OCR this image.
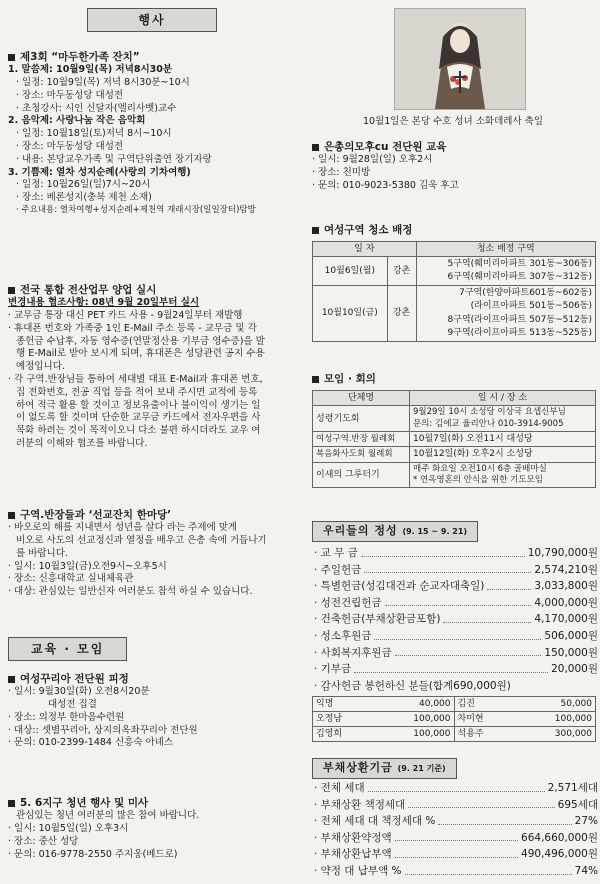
행사
제3회 “마두한가족 잔치”
1. 말씀제: 10월9일(목) 저녁8시30분
· 일정: 10월9일(목) 저녁 8시30분~10시
· 장소: 마두동성당 대성전
· 초청강사: 시인 신달자(엘리사벳)교수
2. 음악제: 사랑나눔 작은 음악회
· 일정: 10월18일(토)저녁 8시~10시
· 장소: 마두동성당 대성전
· 내용: 본당교우가족 및 구역단위출연 장기자랑
3. 기쁨제: 열차 성지순례(사랑의 기차여행)
· 일정: 10월26일(일)7시~20시
· 장소: 베론성지(충북 제천 소재)
· 주요내용: 열차여행+성지순례+제천역 재래시장(일일장터)탐방
전국 통합 전산업무 양업 실시
변경내용 협조사항: 08년 9월 20일부터 실시
· 교무금 통장 대신 PET 카드 사용 - 9월24일부터 재발행
· 휴대폰 번호와 가족중 1인 E-Mail 주소 등록 - 교무금 및 각
종헌금 수납후, 자동 영수증(연말정산용 기부금 영수증)을 발
행 E-Mail로 받아 보시게 되며, 휴대폰은 성당관련 공지 수용
예정입니다.
· 각 구역.반장님들 통하여 세대별 대표 E-Mail과 휴대폰 번호,
집 전화번호, 전공 직업 등을 적어 보내 주시면 교적에 등록
하여 적극 활용 할 것이고 정보유출이나 불이익이 생기는 일
이 없도록 할 것이며 단순한 교무금 카드에서 전자우편을 사
목화 하려는 것이 목적이오니 다소 불편 하시더라도 교우 여
러분의 이해와 협조를 바랍니다.
구역.반장들과 ‘선교잔치 한마당’
· 바오로의 해를 지내면서 성년을 살다 라는 주제에 맞게
비오로 사도의 선교정신과 열정을 배우고 은총 속에 거듭나기
를 바랍니다.
· 일시: 10월3일(금)오전9시~오후5시
· 장소: 신흥대학교 실내체육관
· 대상: 관심있는 일반신자 여러분도 참석 하실 수 있습니다.
교육 · 모임
여성꾸리아 전단원 피정
· 일시: 9월30일(화) 오전8시20분
대성전 집결
· 장소: 의정부 한마음수련원
· 대상:: 셋별꾸리아, 상지의옥좌꾸리아 전단원
· 문의: 010-2399-1484 신흥숙 아녜스
5. 6지구 청년 행사 및 미사
관심있는 청년 여러분의 많은 참여 바랍니다.
· 일시: 10월5일(일) 오후3시
· 장소: 중산 성당
· 문의: 016-9778-2550 주지웅(베드로)
10월1일은 본당 수호 성녀 소화데레사 축일
은총의모후cu 전단원 교육
· 일시: 9월28일(일) 오후2시
· 장소: 친미방
· 문의: 010-9023-5380 김욱 후고
여성구역 청소 배정
일 자		청소 배정 구역
10월6일(월)	강촌	5구역(훼미리아파트 301동~306동)
6구역(훼미리아파트 307동~312동)

10월10일(금)	강촌	7구역(한양아파트601동~602동)
(라이프아파트 501동~506동)
8구역(라이프아파트 507동~512동)
9구역(라이프아파트 513동~525동)
모임 · 회의
단체명	일 시 / 장 소
성령기도회	9월29일 10시 소성당 이상국 요셉신부님
문의: 김에교 율리안나 010-3914-9005

여성구역.반장 월례회	10월7일(화) 오전11시 대성당
복음화사도회 월례회	10월12일(화) 오후2시 소성당
이새의 그루터기	매주 화요일 오전10시 6층 골배마실
* 연옥영혼의 안식을 위한 기도모임
우리들의 정성 (9. 15 ~ 9. 21)
· 교 무 금	10,790,000원
· 주일헌금	2,574,210원
· 특별헌금(성김대건과 순교자대축일)	3,033,800원
· 성전건립헌금	4,000,000원
· 건축헌금(부채상환금포함)	4,170,000원
· 성소후원금	506,000원
· 사회복지후원금	150,000원
· 기부금	20,000원
· 감사헌금 봉헌하신 분들(합계690,000원)
익명	40,000	김진	50,000
오정남	100,000	차미현	100,000
김영희	100,000	석용주	300,000
부채상환기금 (9. 21 기준)
· 전체 세대	2,571세대
· 부채상환 책정세대	695세대
· 전체 세대 대 책정세대 %	27%
· 부채상환약정액	664,660,000원
· 부채상환납부액	490,496,000원
· 약정 대 납부액 %	74%
